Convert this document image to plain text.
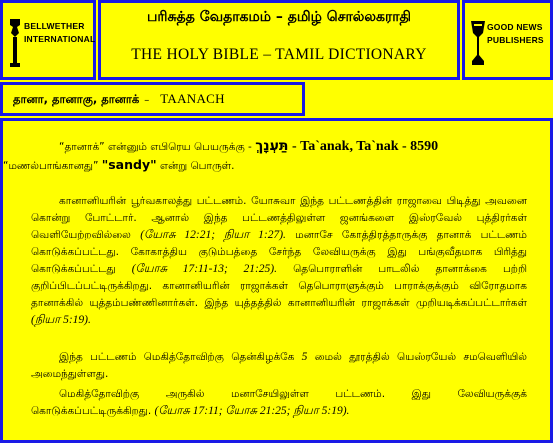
BELLWETHER
INTERNATIONAL
பரிசுத்த வேதாகமம் – தமிழ் சொல்லகராதி
THE HOLY BIBLE – TAMIL DICTIONARY
GOOD NEWS
PUBLISHERS
தானா, தானாகு, தானாக் – TAANACH
“தானாக்” என்னும் எபிரெய பெயருக்கு - תַּעְנָךְ - Ta`anak, Ta`nak - 8590
“மணல்பாங்கானது” "sandy" என்று பொருள்.
கானானியரின் பூர்வகாலத்து பட்டணம். யோசுவா இந்த பட்டணத்தின் ராஜாவை பிடித்து அவனை கொன்று போட்டார். ஆனால் இந்த பட்டணத்திலுள்ள ஜனங்களை இஸ்ரவேல் புத்திரர்கள் வெளியேற்றவில்லை (யோசு 12:21; நியா 1:27). மனாசே கோத்திரத்தாருக்கு தானாக் பட்டணம் கொடுக்கப்பட்டது. கோகாத்திய குடும்பத்தை சேர்ந்த லேவியருக்கு இது பங்குவீதமாக பிரித்து கொடுக்கப்பட்டது (யோசு 17:11-13; 21:25). தெபொராளின் பாடலில் தானாக்கை பற்றி குறிப்பிடப்பட்டிருக்கிறது. கானானியரின் ராஜாக்கள் தெபொராளுக்கும் பாராக்குக்கும் விரோதமாக தானாக்கில் யுத்தம்பண்ணினார்கள். இந்த யுத்தத்தில் கானானியரின் ராஜாக்கள் முறியடிக்கப்பட்டார்கள் (நியா 5:19).
இந்த பட்டணம் மெகித்தோவிற்கு தென்கிழக்கே 5 மைல் தூரத்தில் யெஸ்ரயேல் சமவெளியில் அமைந்துள்ளது.
மெகித்தோவிற்கு அருகில் மனாசேயிலுள்ள பட்டணம். இது லேவியருக்குக் கொடுக்கப்பட்டிருக்கிறது. (யோசு 17:11; யோசு 21:25; நியா 5:19).
